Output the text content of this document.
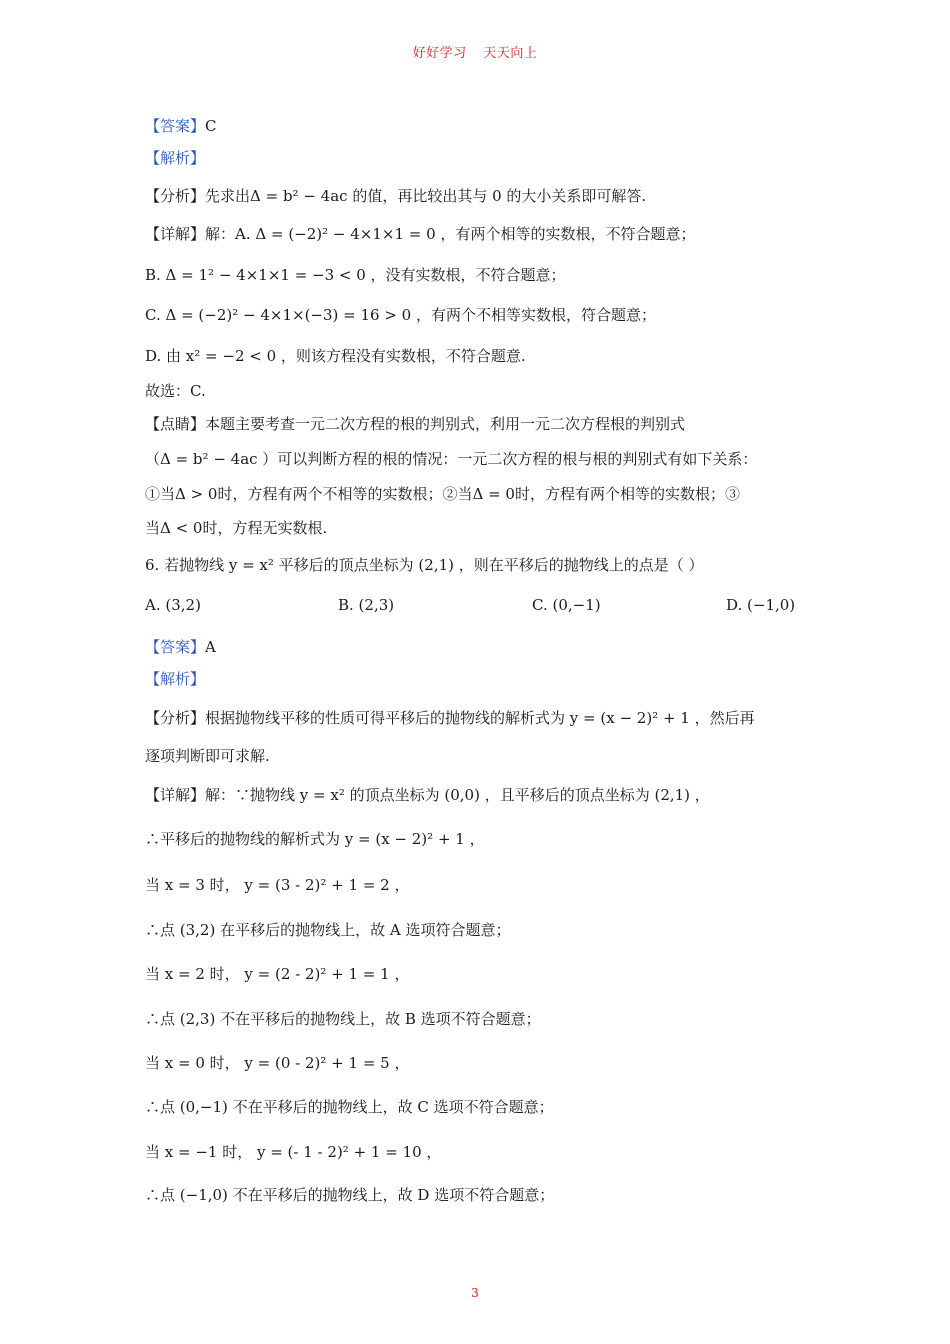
好好学习 天天向上
【答案】C
【解析】
【分析】先求出Δ = b² − 4ac 的值，再比较出其与 0 的大小关系即可解答.
【详解】解：A. Δ = (−2)² − 4×1×1 = 0 ，有两个相等的实数根，不符合题意；
B. Δ = 1² − 4×1×1 = −3 < 0 ，没有实数根，不符合题意；
C. Δ = (−2)² − 4×1×(−3) = 16 > 0 ，有两个不相等实数根，符合题意；
D. 由 x² = −2 < 0 ，则该方程没有实数根，不符合题意.
故选：C.
【点睛】本题主要考查一元二次方程的根的判别式，利用一元二次方程根的判别式
（Δ = b² − 4ac ）可以判断方程的根的情况：一元二次方程的根与根的判别式有如下关系：
①当Δ > 0时，方程有两个不相等的实数根；②当Δ = 0时，方程有两个相等的实数根；③
当Δ < 0时，方程无实数根.
6. 若抛物线 y = x² 平移后的顶点坐标为 (2,1) ，则在平移后的抛物线上的点是（ ）
A. (3,2)	B. (2,3)	C. (0,−1)	D. (−1,0)
【答案】A
【解析】
【分析】根据抛物线平移的性质可得平移后的抛物线的解析式为 y = (x − 2)² + 1 ，然后再
逐项判断即可求解.
【详解】解：∵抛物线 y = x² 的顶点坐标为 (0,0) ，且平移后的顶点坐标为 (2,1) ，
∴平移后的抛物线的解析式为 y = (x − 2)² + 1 ，
当 x = 3 时， y = (3 - 2)² + 1 = 2 ，
∴点 (3,2) 在平移后的抛物线上，故 A 选项符合题意；
当 x = 2 时， y = (2 - 2)² + 1 = 1 ，
∴点 (2,3) 不在平移后的抛物线上，故 B 选项不符合题意；
当 x = 0 时， y = (0 - 2)² + 1 = 5 ，
∴点 (0,−1) 不在平移后的抛物线上，故 C 选项不符合题意；
当 x = −1 时， y = (- 1 - 2)² + 1 = 10 ，
∴点 (−1,0) 不在平移后的抛物线上，故 D 选项不符合题意；
3
